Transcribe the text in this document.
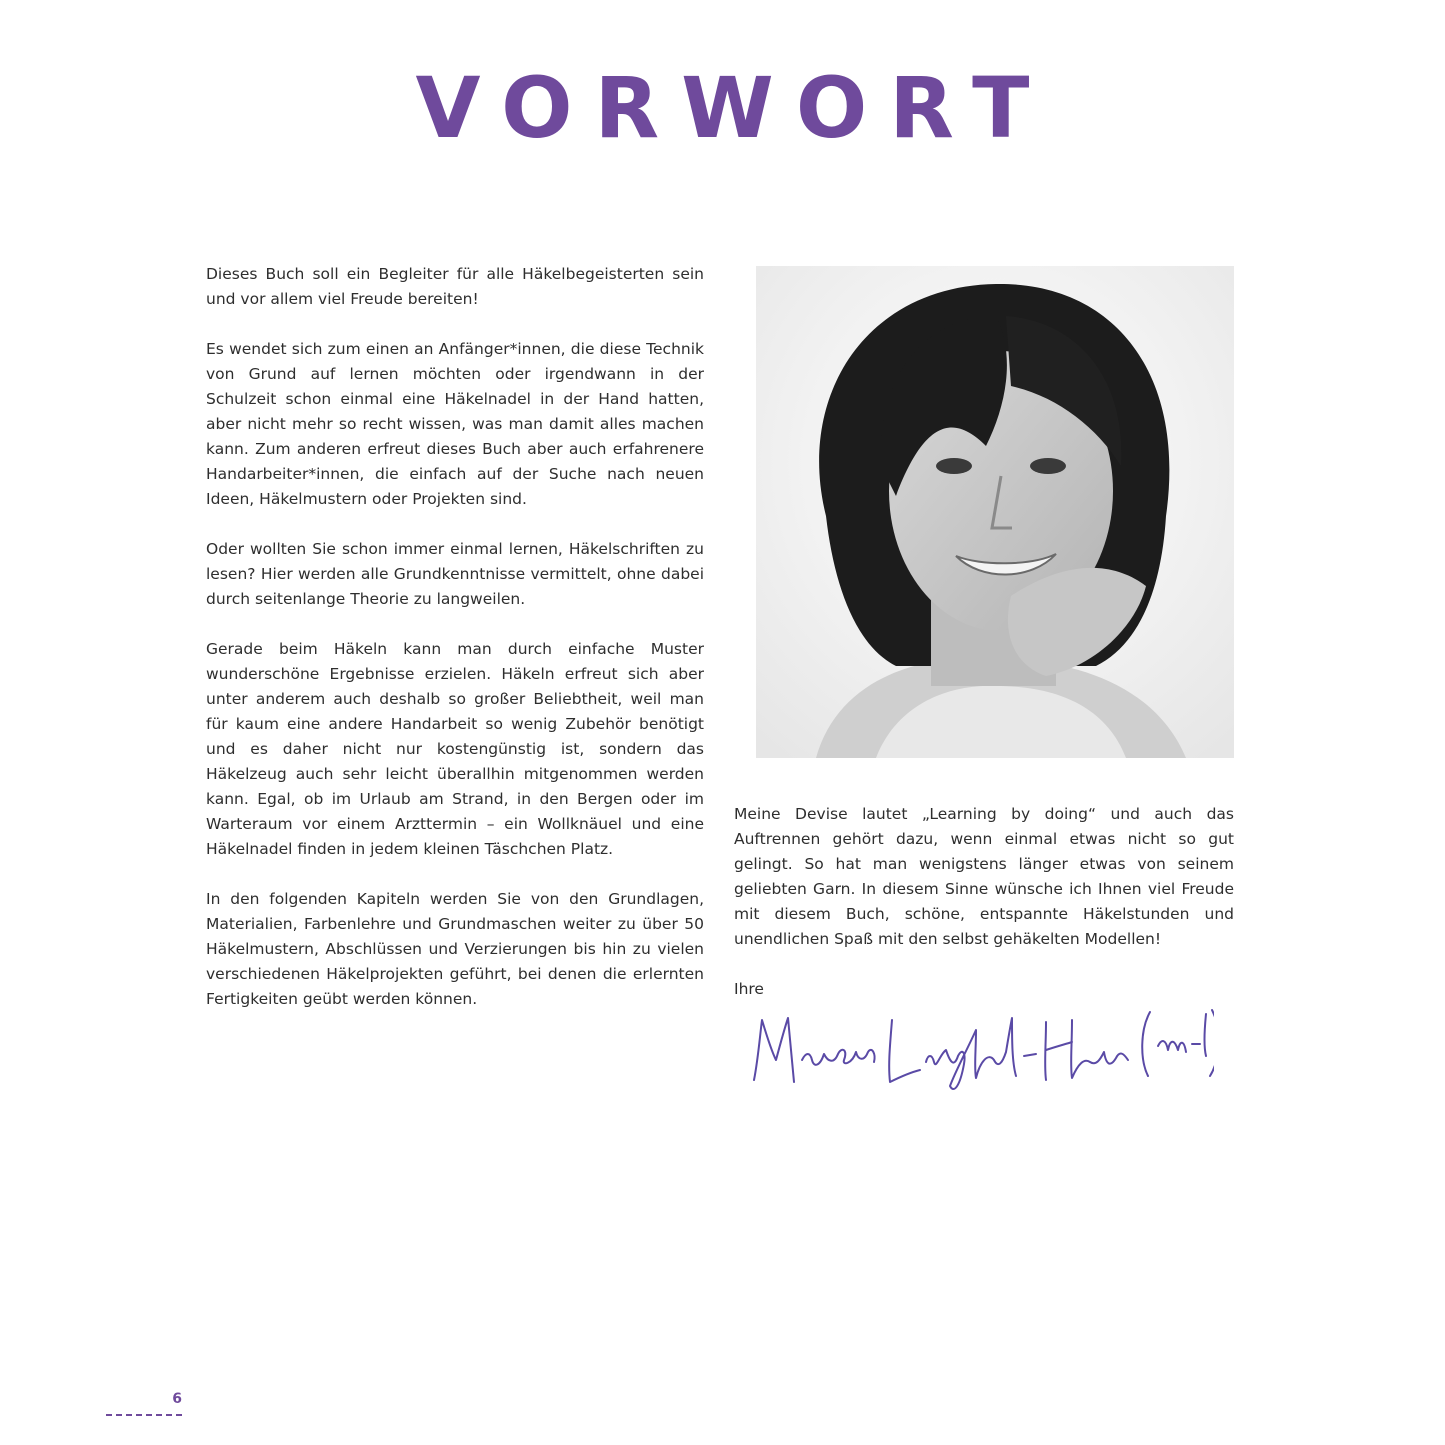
VORWORT

Dieses Buch soll ein Begleiter für alle Häkelbegeisterten sein und vor allem viel Freude bereiten!

Es wendet sich zum einen an Anfänger*innen, die diese Technik von Grund auf lernen möchten oder irgendwann in der Schulzeit schon einmal eine Häkelnadel in der Hand hatten, aber nicht mehr so recht wissen, was man damit alles machen kann. Zum anderen erfreut dieses Buch aber auch erfahrenere Handarbeiter*innen, die einfach auf der Suche nach neuen Ideen, Häkelmustern oder Projekten sind.

Oder wollten Sie schon immer einmal lernen, Häkelschriften zu lesen? Hier werden alle Grundkenntnisse vermittelt, ohne dabei durch seitenlange Theorie zu langweilen.

Gerade beim Häkeln kann man durch einfache Muster wunderschöne Ergebnisse erzielen. Häkeln erfreut sich aber unter anderem auch deshalb so großer Beliebtheit, weil man für kaum eine andere Handarbeit so wenig Zubehör benötigt und es daher nicht nur kostengünstig ist, sondern das Häkelzeug auch sehr leicht überallhin mitgenommen werden kann. Egal, ob im Urlaub am Strand, in den Bergen oder im Warteraum vor einem Arzttermin – ein Wollknäuel und eine Häkelnadel finden in jedem kleinen Täschchen Platz.

In den folgenden Kapiteln werden Sie von den Grundlagen, Materialien, Farbenlehre und Grundmaschen weiter zu über 50 Häkelmustern, Abschlüssen und Verzierungen bis hin zu vielen verschiedenen Häkelprojekten geführt, bei denen die erlernten Fertigkeiten geübt werden können.

Meine Devise lautet „Learning by doing“ und auch das Auftrennen gehört dazu, wenn einmal etwas nicht so gut gelingt. So hat man wenigstens länger etwas von seinem geliebten Garn. In diesem Sinne wünsche ich Ihnen viel Freude mit diesem Buch, schöne, entspannte Häkelstunden und unendlichen Spaß mit den selbst gehäkelten Modellen!

Ihre

6
